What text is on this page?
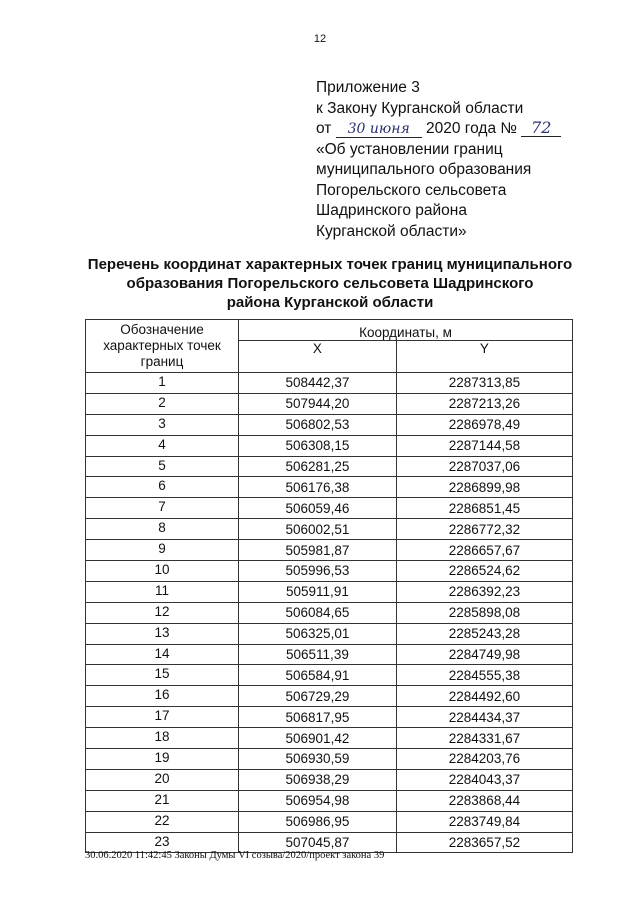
12
Приложение 3
к Закону Курганской области
от 30 июня 2020 года № 72
«Об установлении границ
муниципального образования
Погорельского сельсовета
Шадринского района
Курганской области»
Перечень координат характерных точек границ муниципального
образования Погорельского сельсовета Шадринского
района Курганской области
Обозначение характерных точек границ	Координаты, м	
	X	Y
1	508442,37	2287313,85
2	507944,20	2287213,26
3	506802,53	2286978,49
4	506308,15	2287144,58
5	506281,25	2287037,06
6	506176,38	2286899,98
7	506059,46	2286851,45
8	506002,51	2286772,32
9	505981,87	2286657,67
10	505996,53	2286524,62
11	505911,91	2286392,23
12	506084,65	2285898,08
13	506325,01	2285243,28
14	506511,39	2284749,98
15	506584,91	2284555,38
16	506729,29	2284492,60
17	506817,95	2284434,37
18	506901,42	2284331,67
19	506930,59	2284203,76
20	506938,29	2284043,37
21	506954,98	2283868,44
22	506986,95	2283749,84
23	507045,87	2283657,52
30.06.2020 11:42:45 Законы Думы VI созыва/2020/проект закона 39
